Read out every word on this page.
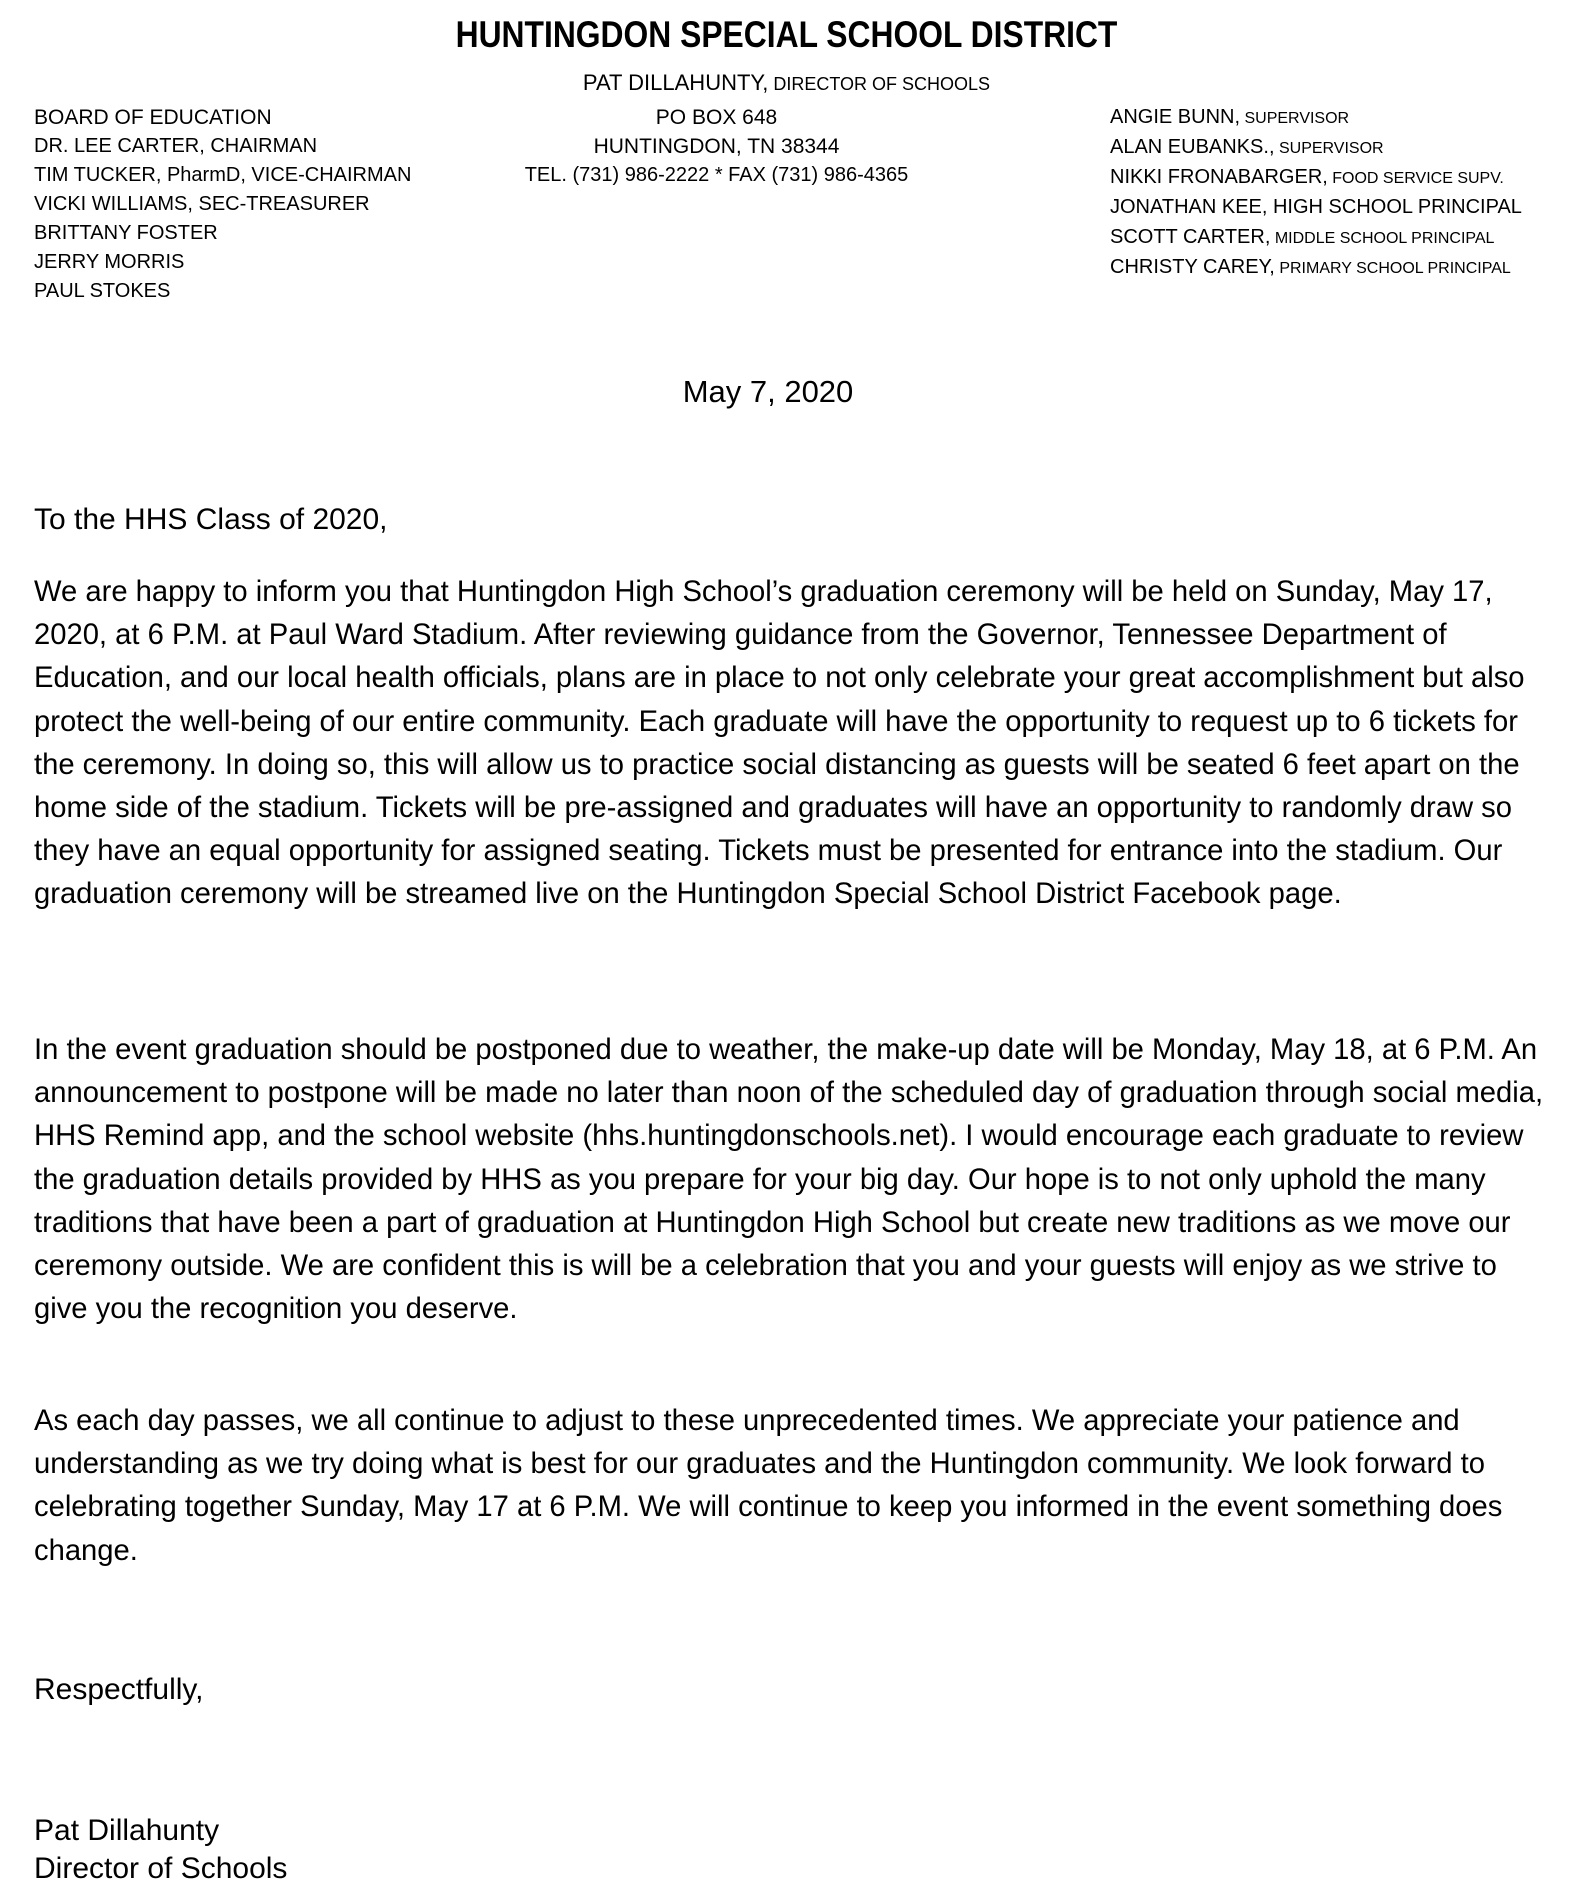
HUNTINGDON SPECIAL SCHOOL DISTRICT
PAT DILLAHUNTY, DIRECTOR OF SCHOOLS
BOARD OF EDUCATION
DR. LEE CARTER, CHAIRMAN
TIM TUCKER, PharmD, VICE-CHAIRMAN
VICKI WILLIAMS, SEC-TREASURER
BRITTANY FOSTER
JERRY MORRIS
PAUL STOKES
PO BOX 648
HUNTINGDON, TN 38344
TEL. (731) 986-2222 * FAX (731) 986-4365
ANGIE BUNN, SUPERVISOR
ALAN EUBANKS., SUPERVISOR
NIKKI FRONABARGER, FOOD SERVICE SUPV.
JONATHAN KEE, HIGH SCHOOL PRINCIPAL
SCOTT CARTER, MIDDLE SCHOOL PRINCIPAL
CHRISTY CAREY, PRIMARY SCHOOL PRINCIPAL
May 7, 2020
To the HHS Class of 2020,

We are happy to inform you that Huntingdon High School’s graduation ceremony will be held on Sunday, May 17, 2020, at 6 P.M. at Paul Ward Stadium. After reviewing guidance from the Governor, Tennessee Department of Education, and our local health officials, plans are in place to not only celebrate your great accomplishment but also protect the well-being of our entire community. Each graduate will have the opportunity to request up to 6 tickets for the ceremony. In doing so, this will allow us to practice social distancing as guests will be seated 6 feet apart on the home side of the stadium. Tickets will be pre-assigned and graduates will have an opportunity to randomly draw so they have an equal opportunity for assigned seating. Tickets must be presented for entrance into the stadium. Our graduation ceremony will be streamed live on the Huntingdon Special School District Facebook page.

In the event graduation should be postponed due to weather, the make-up date will be Monday, May 18, at 6 P.M. An announcement to postpone will be made no later than noon of the scheduled day of graduation through social media, HHS Remind app, and the school website (hhs.huntingdonschools.net). I would encourage each graduate to review the graduation details provided by HHS as you prepare for your big day. Our hope is to not only uphold the many traditions that have been a part of graduation at Huntingdon High School but create new traditions as we move our ceremony outside. We are confident this is will be a celebration that you and your guests will enjoy as we strive to give you the recognition you deserve.

As each day passes, we all continue to adjust to these unprecedented times. We appreciate your patience and understanding as we try doing what is best for our graduates and the Huntingdon community. We look forward to celebrating together Sunday, May 17 at 6 P.M. We will continue to keep you informed in the event something does change.

Respectfully,
Pat Dillahunty
Director of Schools
